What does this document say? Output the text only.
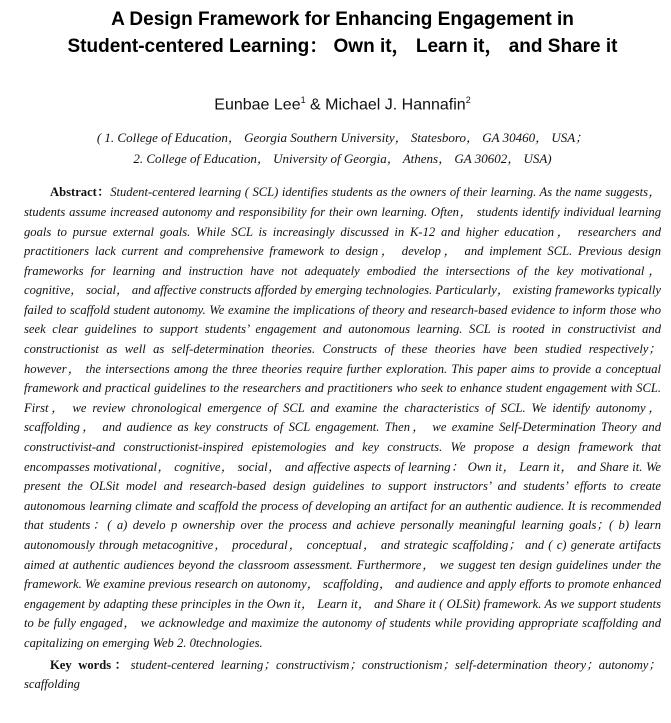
A Design Framework for Enhancing Engagement in
Student-centered Learning： Own it， Learn it， and Share it
Eunbae Lee$^1$ & Michael J. Hannafin$^2$
( 1. College of Education， Georgia Southern University， Statesboro， GA 30460， USA；
2. College of Education， University of Georgia， Athens， GA 30602， USA)
Abstract：Student-centered learning ( SCL) identifies students as the owners of their learning. As the name suggests， students assume increased autonomy and responsibility for their own learning. Often， students identify individual learning goals to pursue external goals. While SCL is increasingly discussed in K-12 and higher education， researchers and practitioners lack current and comprehensive framework to design， develop， and implement SCL. Previous design frameworks for learning and instruction have not adequately embodied the intersections of the key motivational， cognitive， social， and affective constructs afforded by emerging technologies. Particularly， existing frameworks typically failed to scaffold student autonomy. We examine the implications of theory and research-based evidence to inform those who seek clear guidelines to support students’ engagement and autonomous learning. SCL is rooted in constructivist and constructionist as well as self-determination theories. Constructs of these theories have been studied respectively； however， the intersections among the three theories require further exploration. This paper aims to provide a conceptual framework and practical guidelines to the researchers and practitioners who seek to enhance student engagement with SCL. First， we review chronological emergence of SCL and examine the characteristics of SCL. We identify autonomy， scaffolding， and audience as key constructs of SCL engagement. Then， we examine Self-Determination Theory and constructivist-and constructionist-inspired epistemologies and key constructs. We propose a design framework that encompasses motivational， cognitive， social， and affective aspects of learning： Own it， Learn it， and Share it. We present the OLSit model and research-based design guidelines to support instructors’ and students’ efforts to create autonomous learning climate and scaffold the process of developing an artifact for an authentic audience. It is recommended that students：( a) develo p ownership over the process and achieve personally meaningful learning goals；( b) learn autonomously through metacognitive， procedural， conceptual， and strategic scaffolding； and ( c) generate artifacts aimed at authentic audiences beyond the classroom assessment. Furthermore， we suggest ten design guidelines under the framework. We examine previous research on autonomy， scaffolding， and audience and apply efforts to promote enhanced engagement by adapting these principles in the Own it， Learn it， and Share it ( OLSit) framework. As we support students to be fully engaged， we acknowledge and maximize the autonomy of students while providing appropriate scaffolding and capitalizing on emerging Web 2. 0technologies.
Key words：student-centered learning；constructivism；constructionism；self-determination theory；autonomy；scaffolding
